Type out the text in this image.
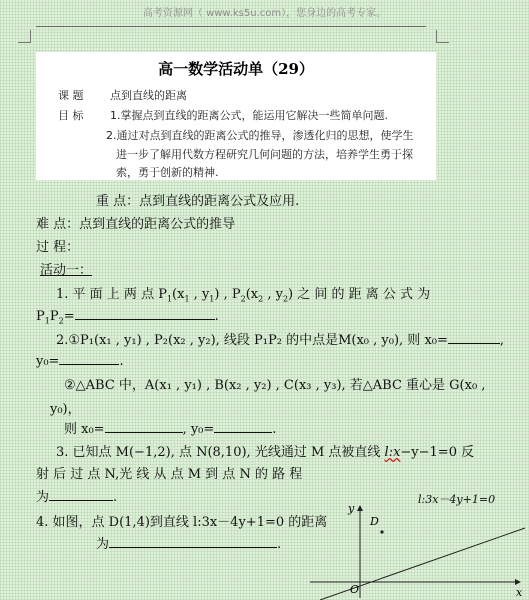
高考资源网（ www.ks5u.com），您身边的高考专家。
高一数学活动单（29）
课 题 点到直线的距离
目 标 1.掌握点到直线的距离公式，能运用它解决一些简单问题.
2.通过对点到直线的距离公式的推导，渗透化归的思想，使学生
进一步了解用代数方程研究几何问题的方法，培养学生勇于探
索，勇于创新的精神.
重 点：点到直线的距离公式及应用.
难 点：点到直线的距离公式的推导
过 程：
活动一：
1. 平 面 上 两 点 $P_1(x_1$ , $y_1$) , $P_2(x_2$ , $y_2$) 之 间 的 距 离 公 式 为
$P_1P_2=$	.
2.①P₁(x₁ , y₁) , P₂(x₂ , y₂), 线段 P₁P₂ 的中点是M(x₀ , y₀), 则 x₀=	,
y₀=	.
②△ABC 中，A(x₁ , y₁) , B(x₂ , y₂) , C(x₃ , y₃), 若△ABC 重心是 G(x₀ ,
y₀)，
则 x₀=	, y₀=	.
3. 已知点 M(−1,2), 点 N(8,10), 光线通过 M 点被直线 l:x−y−1=0 反
射 后 过 点 N,光 线 从 点 M 到 点 N 的 路 程
为	.
4. 如图，点 D(1,4)到直线 l:3x－4y+1=0 的距离
为	.
l:3x－4y+1=0
y
x
O
D
